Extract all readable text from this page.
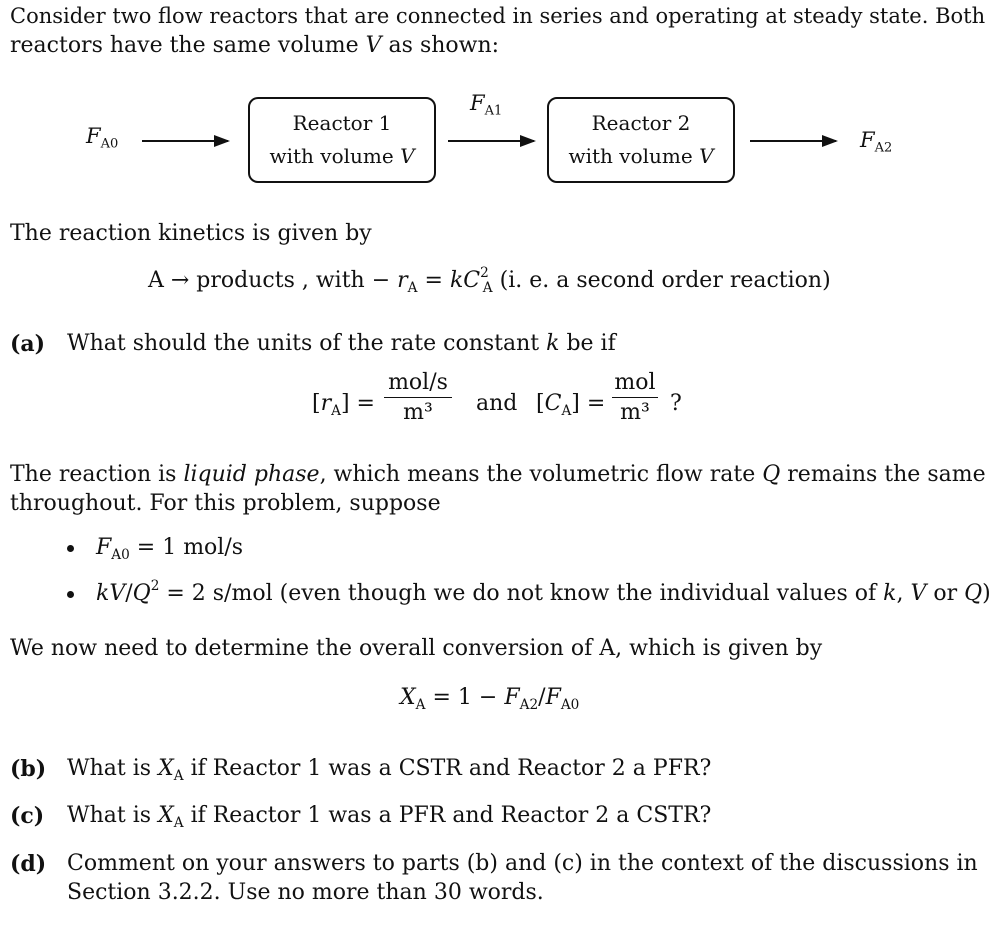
Consider two flow reactors that are connected in series and operating at steady state. Both
reactors have the same volume V as shown:
$F_{A0}$
Reactor 1
with volume V
$F_{A1}$	Reactor 2
with volume V
$F_{A2}$
The reaction kinetics is given by
A → products , with − $r_A = kC^2_A$ (i. e. a second order reaction)
(a) What should the units of the rate constant k be if
$[r_A]$ =
mol/s
m³	and $[C_A]$ =
mol
m³ ?
The reaction is liquid phase, which means the volumetric flow rate Q remains the same
throughout. For this problem, suppose
$F_{A0} = 1$ mol/s
$kV/Q^2 = 2$ s/mol (even though we do not know the individual values of k, V or Q)
We now need to determine the overall conversion of A, which is given by
$X_A = 1 - F_{A2}/F_{A0}$
(b) What is $X_A$ if Reactor 1 was a CSTR and Reactor 2 a PFR?
(c) What is $X_A$ if Reactor 1 was a PFR and Reactor 2 a CSTR?
(d) Comment on your answers to parts (b) and (c) in the context of the discussions in
Section 3.2.2. Use no more than 30 words.
